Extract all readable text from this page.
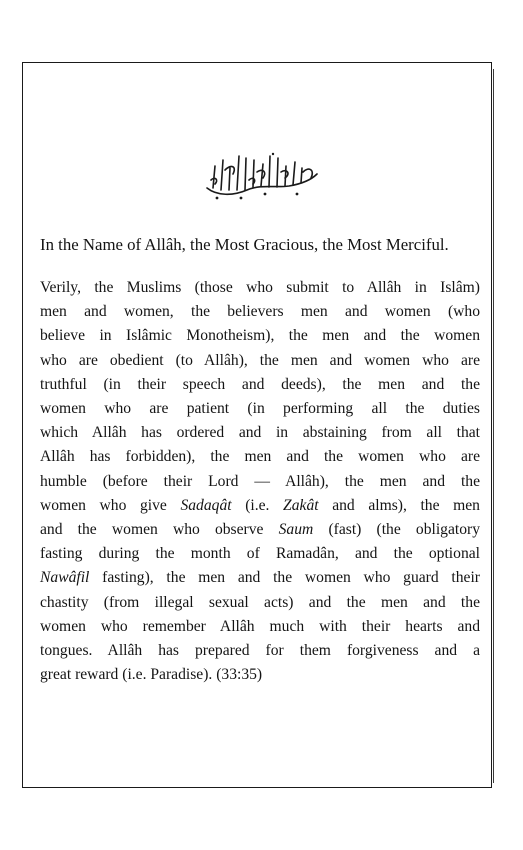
In the Name of Allâh, the Most Gracious, the Most Merciful.

Verily, the Muslims (those who submit to Allâh in Islâm)
men and women, the believers men and women (who
believe in Islâmic Monotheism), the men and the women
who are obedient (to Allâh), the men and women who are
truthful (in their speech and deeds), the men and the
women who are patient (in performing all the duties
which Allâh has ordered and in abstaining from all that
Allâh has forbidden), the men and the women who are
humble (before their Lord — Allâh), the men and the
women who give Sadaqât (i.e. Zakât and alms), the men
and the women who observe Saum (fast) (the obligatory
fasting during the month of Ramadân, and the optional
Nawâfil fasting), the men and the women who guard their
chastity (from illegal sexual acts) and the men and the
women who remember Allâh much with their hearts and
tongues. Allâh has prepared for them forgiveness and a
great reward (i.e. Paradise). (33:35)
